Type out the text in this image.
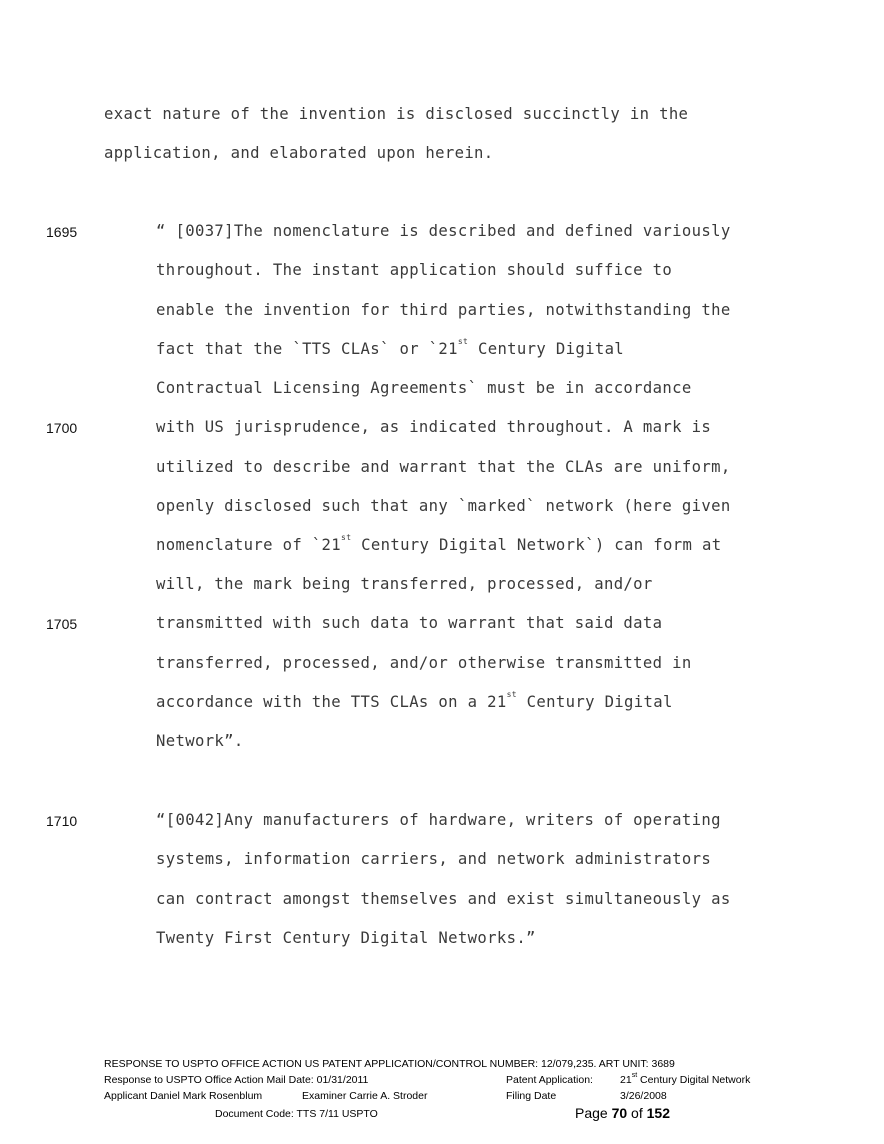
exact nature of the invention is disclosed succinctly in the
application, and elaborated upon herein.
1695
1700
1705
1710
“ [0037]The nomenclature is described and defined variously
throughout. The instant application should suffice to
enable the invention for third parties, notwithstanding the
fact that the `TTS CLAs` or `21st Century Digital
Contractual Licensing Agreements` must be in accordance
with US jurisprudence, as indicated throughout. A mark is
utilized to describe and warrant that the CLAs are uniform,
openly disclosed such that any `marked` network (here given
nomenclature of `21st Century Digital Network`) can form at
will, the mark being transferred, processed, and/or
transmitted with such data to warrant that said data
transferred, processed, and/or otherwise transmitted in
accordance with the TTS CLAs on a 21st Century Digital
Network”.
“[0042]Any manufacturers of hardware, writers of operating
systems, information carriers, and network administrators
can contract amongst themselves and exist simultaneously as
Twenty First Century Digital Networks.”
RESPONSE TO USPTO OFFICE ACTION US PATENT APPLICATION/CONTROL NUMBER: 12/079,235. ART UNIT: 3689
Response to USPTO Office Action Mail Date: 01/31/2011	Patent Application:	21st Century Digital Network
Applicant Daniel Mark Rosenblum	Examiner Carrie A. Stroder	Filing Date	3/26/2008
Document Code: TTS 7/11 USPTO	Page 70 of 152
